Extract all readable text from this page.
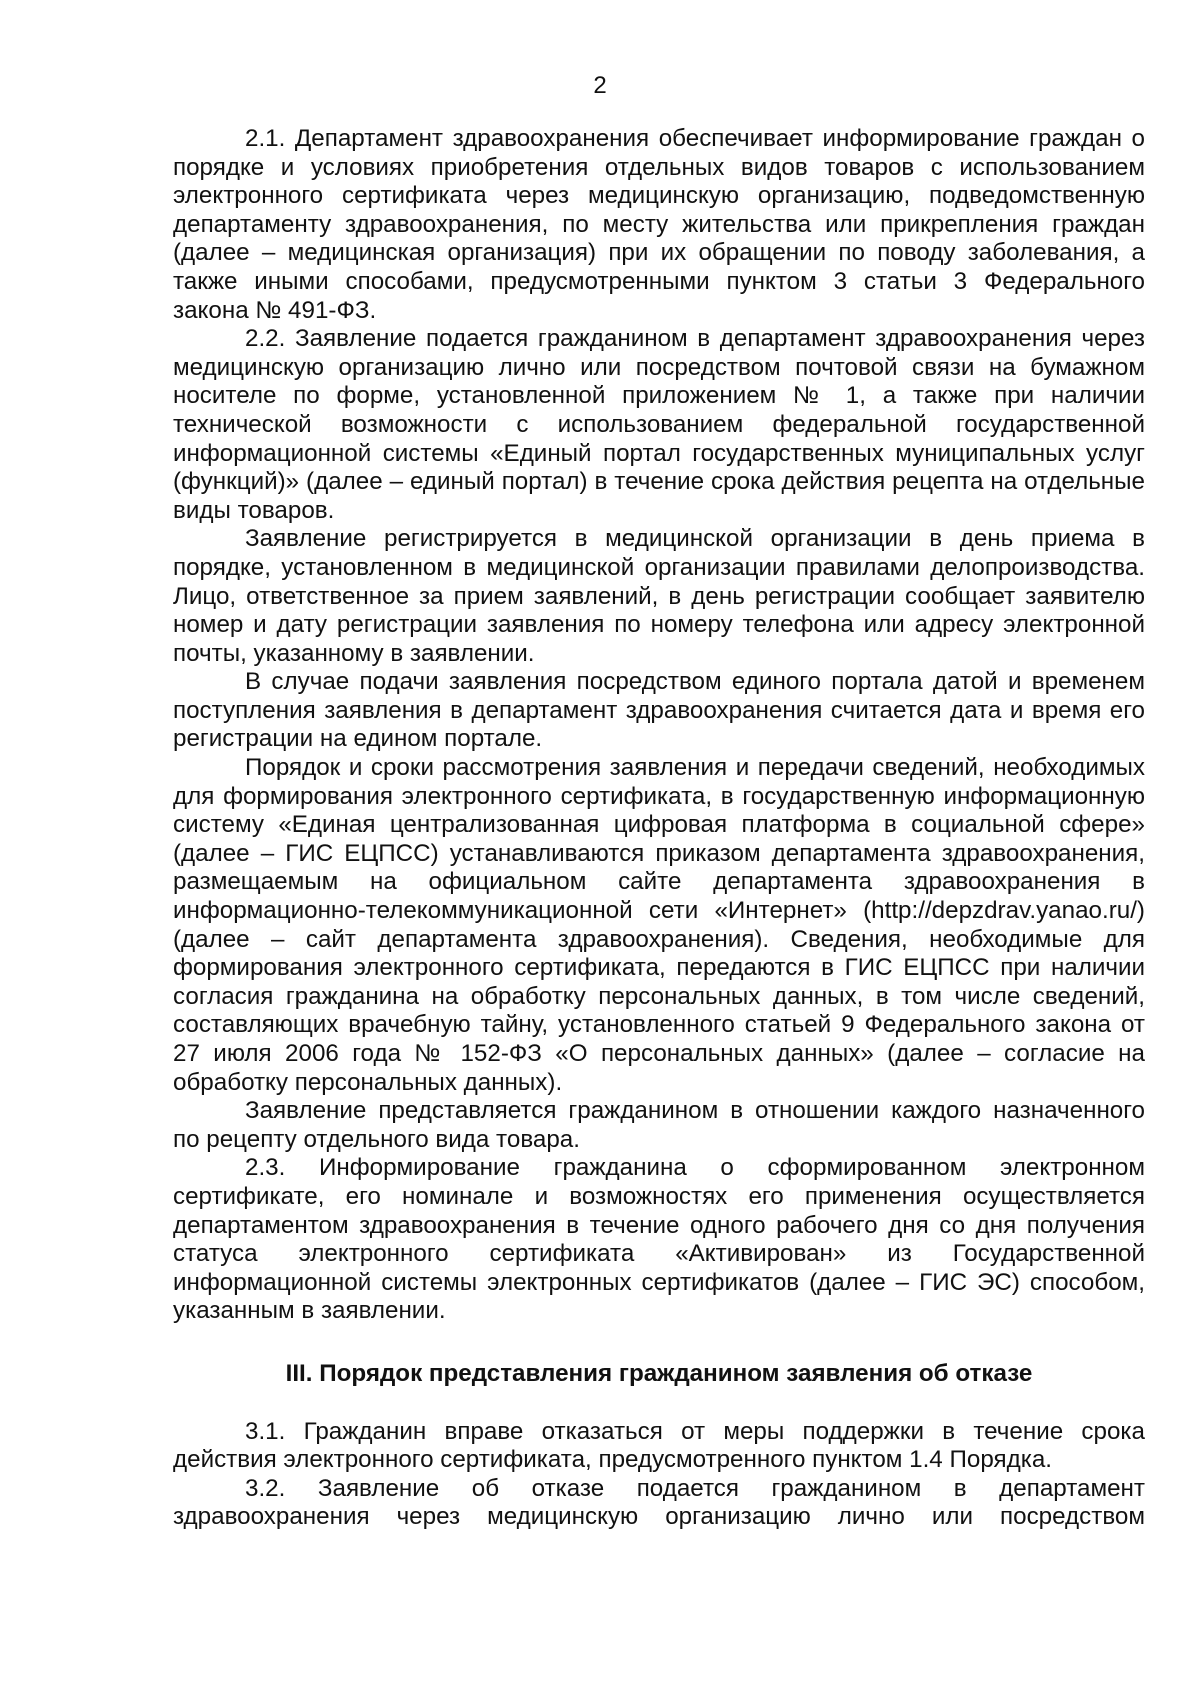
2

2.1. Департамент здравоохранения обеспечивает информирование граждан о порядке и условиях приобретения отдельных видов товаров с использованием электронного сертификата через медицинскую организацию, подведомственную департаменту здравоохранения, по месту жительства или прикрепления граждан (далее – медицинская организация) при их обращении по поводу заболевания, а также иными способами, предусмотренными пунктом 3 статьи 3 Федерального закона № 491-ФЗ.

2.2. Заявление подается гражданином в департамент здравоохранения через медицинскую организацию лично или посредством почтовой связи на бумажном носителе по форме, установленной приложением № 1, а также при наличии технической возможности с использованием федеральной государственной информационной системы «Единый портал государственных муниципальных услуг (функций)» (далее – единый портал) в течение срока действия рецепта на отдельные виды товаров.

Заявление регистрируется в медицинской организации в день приема в порядке, установленном в медицинской организации правилами делопроизводства. Лицо, ответственное за прием заявлений, в день регистрации сообщает заявителю номер и дату регистрации заявления по номеру телефона или адресу электронной почты, указанному в заявлении.

В случае подачи заявления посредством единого портала датой и временем поступления заявления в департамент здравоохранения считается дата и время его регистрации на едином портале.

Порядок и сроки рассмотрения заявления и передачи сведений, необходимых для формирования электронного сертификата, в государственную информационную систему «Единая централизованная цифровая платформа в социальной сфере» (далее – ГИС ЕЦПСС) устанавливаются приказом департамента здравоохранения, размещаемым на официальном сайте департамента здравоохранения в информационно-телекоммуникационной сети «Интернет» (http://depzdrav.yanao.ru/) (далее – сайт департамента здравоохранения). Сведения, необходимые для формирования электронного сертификата, передаются в ГИС ЕЦПСС при наличии согласия гражданина на обработку персональных данных, в том числе сведений, составляющих врачебную тайну, установленного статьей 9 Федерального закона от 27 июля 2006 года № 152-ФЗ «О персональных данных» (далее – согласие на обработку персональных данных).

Заявление представляется гражданином в отношении каждого назначенного по рецепту отдельного вида товара.

2.3. Информирование гражданина о сформированном электронном сертификате, его номинале и возможностях его применения осуществляется департаментом здравоохранения в течение одного рабочего дня со дня получения статуса электронного сертификата «Активирован» из Государственной информационной системы электронных сертификатов (далее – ГИС ЭС) способом, указанным в заявлении.

III. Порядок представления гражданином заявления об отказе

3.1. Гражданин вправе отказаться от меры поддержки в течение срока действия электронного сертификата, предусмотренного пунктом 1.4 Порядка.

3.2. Заявление об отказе подается гражданином в департамент здравоохранения через медицинскую организацию лично или посредством
